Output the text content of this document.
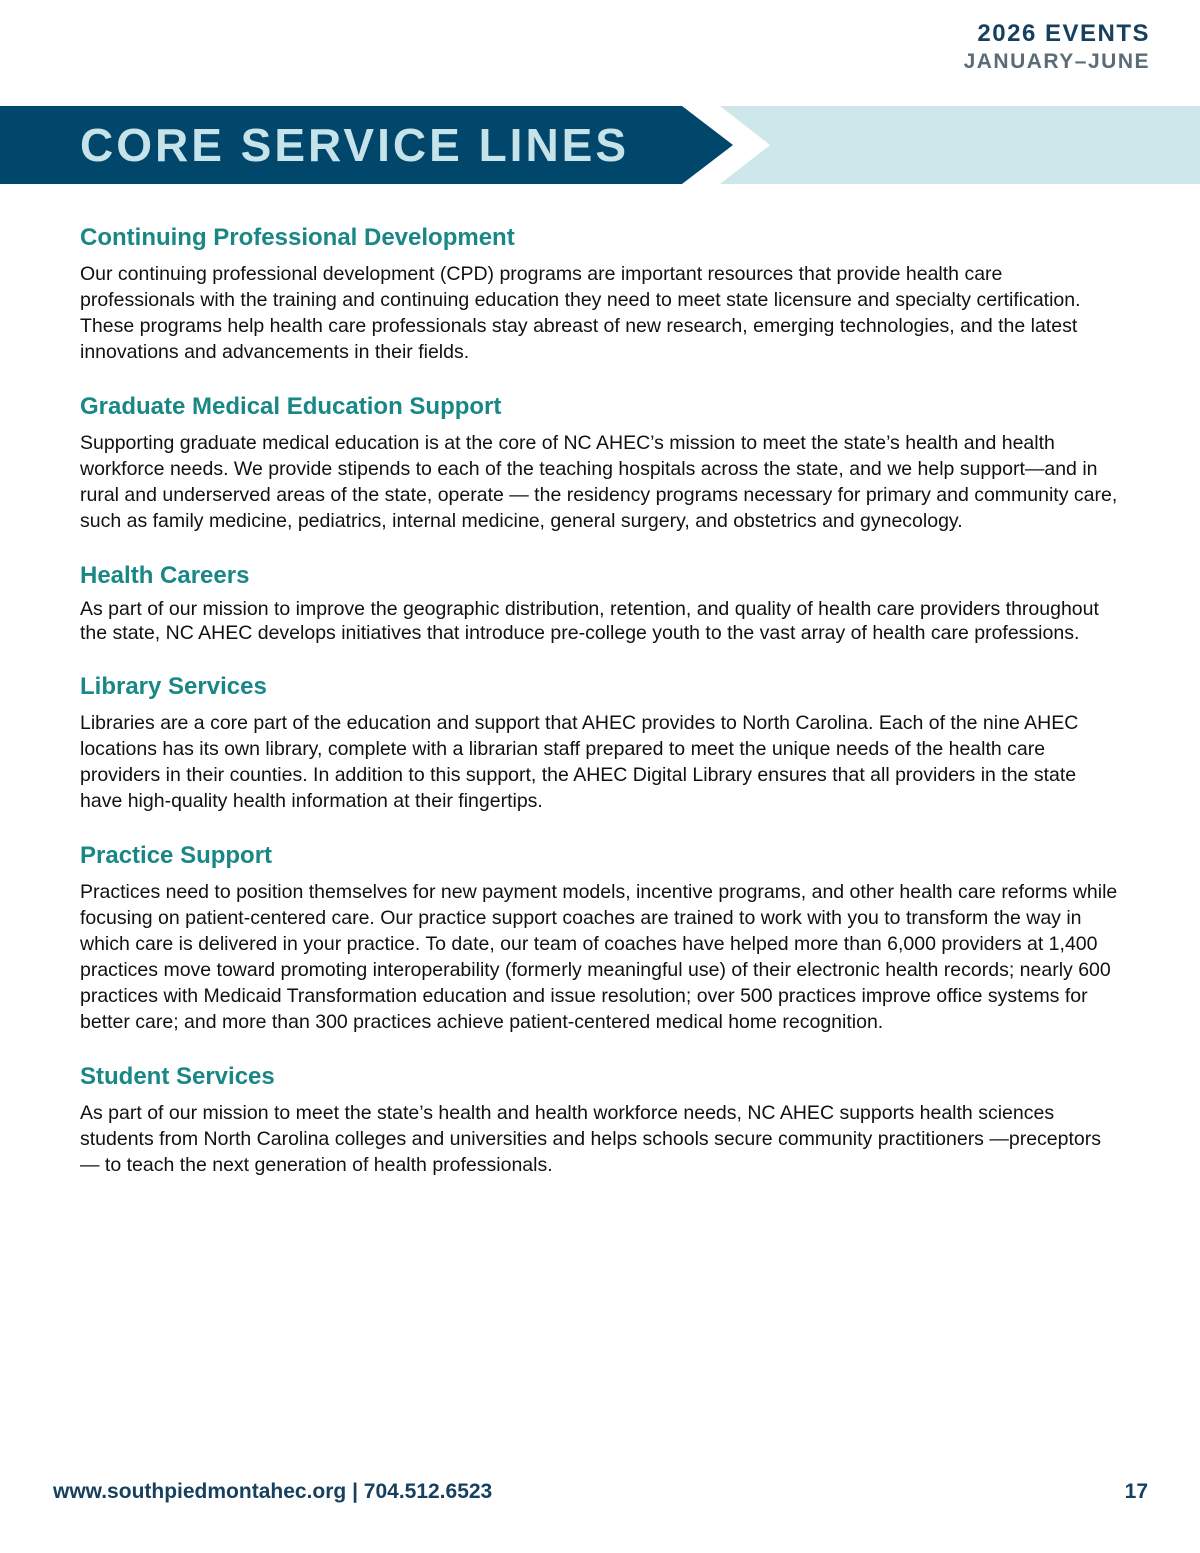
2026 EVENTS
JANUARY–JUNE
CORE SERVICE LINES
Continuing Professional Development

Our continuing professional development (CPD) programs are important resources that provide health care professionals with the training and continuing education they need to meet state licensure and specialty certification. These programs help health care professionals stay abreast of new research, emerging technologies, and the latest innovations and advancements in their fields.

Graduate Medical Education Support

Supporting graduate medical education is at the core of NC AHEC’s mission to meet the state’s health and health workforce needs. We provide stipends to each of the teaching hospitals across the state, and we help support—and in rural and underserved areas of the state, operate — the residency programs necessary for primary and community care, such as family medicine, pediatrics, internal medicine, general surgery, and obstetrics and gynecology.

Health Careers

As part of our mission to improve the geographic distribution, retention, and quality of health care providers throughout the state, NC AHEC develops initiatives that introduce pre-college youth to the vast array of health care professions.

Library Services

Libraries are a core part of the education and support that AHEC provides to North Carolina. Each of the nine AHEC locations has its own library, complete with a librarian staff prepared to meet the unique needs of the health care providers in their counties. In addition to this support, the AHEC Digital Library ensures that all providers in the state have high-quality health information at their fingertips.

Practice Support

Practices need to position themselves for new payment models, incentive programs, and other health care reforms while focusing on patient-centered care. Our practice support coaches are trained to work with you to transform the way in which care is delivered in your practice. To date, our team of coaches have helped more than 6,000 providers at 1,400 practices move toward promoting interoperability (formerly meaningful use) of their electronic health records; nearly 600 practices with Medicaid Transformation education and issue resolution; over 500 practices improve office systems for better care; and more than 300 practices achieve patient-centered medical home recognition.

Student Services

As part of our mission to meet the state’s health and health workforce needs, NC AHEC supports health sciences students from North Carolina colleges and universities and helps schools secure community practitioners —preceptors — to teach the next generation of health professionals.

www.southpiedmontahec.org | 704.512.6523	17
